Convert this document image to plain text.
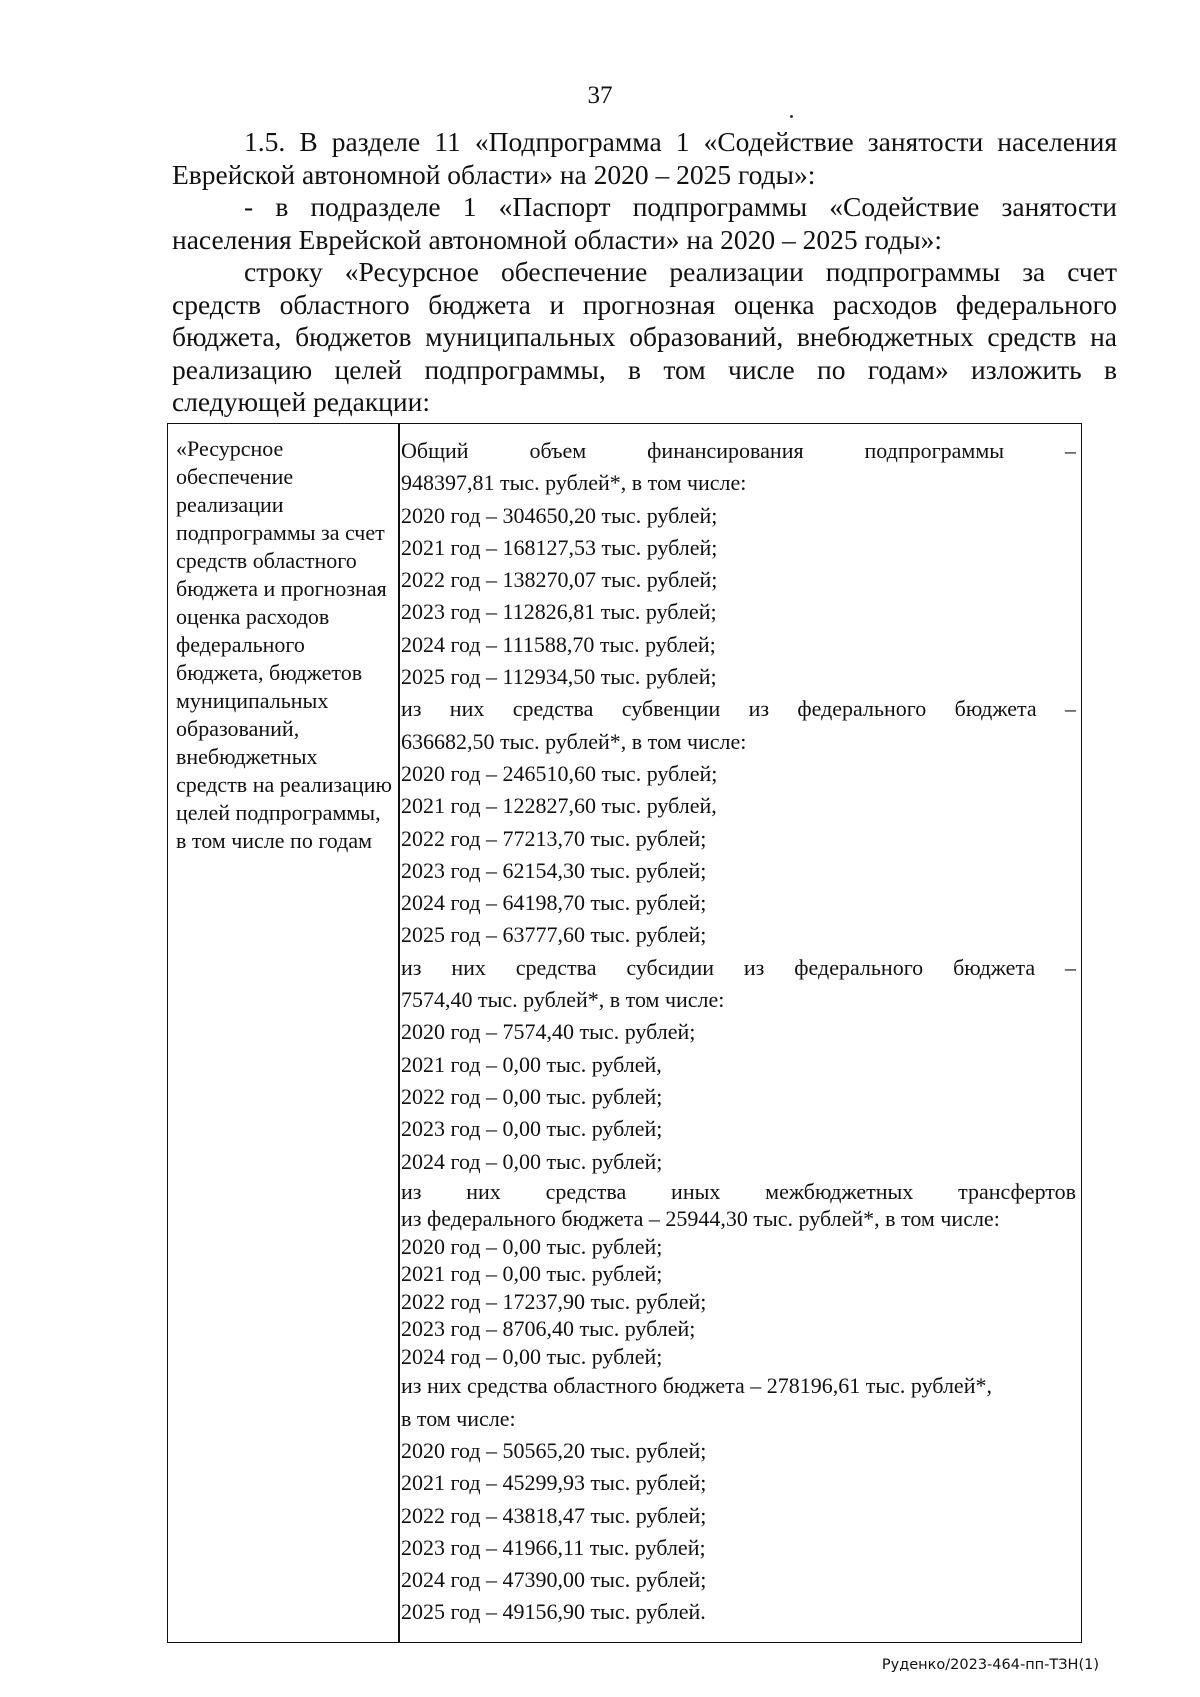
37

1.5. В разделе 11 «Подпрограмма 1 «Содействие занятости населения Еврейской автономной области» на 2020 – 2025 годы»:

- в подразделе 1 «Паспорт подпрограммы «Содействие занятости населения Еврейской автономной области» на 2020 – 2025 годы»:

строку «Ресурсное обеспечение реализации подпрограммы за счет средств областного бюджета и прогнозная оценка расходов федерального бюджета, бюджетов муниципальных образований, внебюджетных средств на реализацию целей подпрограммы, в том числе по годам» изложить в следующей редакции:

«Ресурсное обеспечение реализации подпрограммы за счет средств областного бюджета и прогнозная оценка расходов федерального бюджета, бюджетов муниципальных образований, внебюджетных средств на реализацию целей подпрограммы, в том числе по годам
Общий объем финансирования подпрограммы –
948397,81 тыс. рублей*, в том числе:
2020 год – 304650,20 тыс. рублей;
2021 год – 168127,53 тыс. рублей;
2022 год – 138270,07 тыс. рублей;
2023 год – 112826,81 тыс. рублей;
2024 год – 111588,70 тыс. рублей;
2025 год – 112934,50 тыс. рублей;
из них средства субвенции из федерального бюджета –
636682,50 тыс. рублей*, в том числе:
2020 год – 246510,60 тыс. рублей;
2021 год – 122827,60 тыс. рублей,
2022 год – 77213,70 тыс. рублей;
2023 год – 62154,30 тыс. рублей;
2024 год – 64198,70 тыс. рублей;
2025 год – 63777,60 тыс. рублей;
из них средства субсидии из федерального бюджета –
7574,40 тыс. рублей*, в том числе:
2020 год – 7574,40 тыс. рублей;
2021 год – 0,00 тыс. рублей,
2022 год – 0,00 тыс. рублей;
2023 год – 0,00 тыс. рублей;
2024 год – 0,00 тыс. рублей;
из них средства иных межбюджетных трансфертов
из федерального бюджета – 25944,30 тыс. рублей*, в том числе:
2020 год – 0,00 тыс. рублей;
2021 год – 0,00 тыс. рублей;
2022 год – 17237,90 тыс. рублей;
2023 год – 8706,40 тыс. рублей;
2024 год – 0,00 тыс. рублей;
из них средства областного бюджета – 278196,61 тыс. рублей*,
в том числе:
2020 год – 50565,20 тыс. рублей;
2021 год – 45299,93 тыс. рублей;
2022 год – 43818,47 тыс. рублей;
2023 год – 41966,11 тыс. рублей;
2024 год – 47390,00 тыс. рублей;
2025 год – 49156,90 тыс. рублей.
Руденко/2023-464-пп-ТЗН(1)
